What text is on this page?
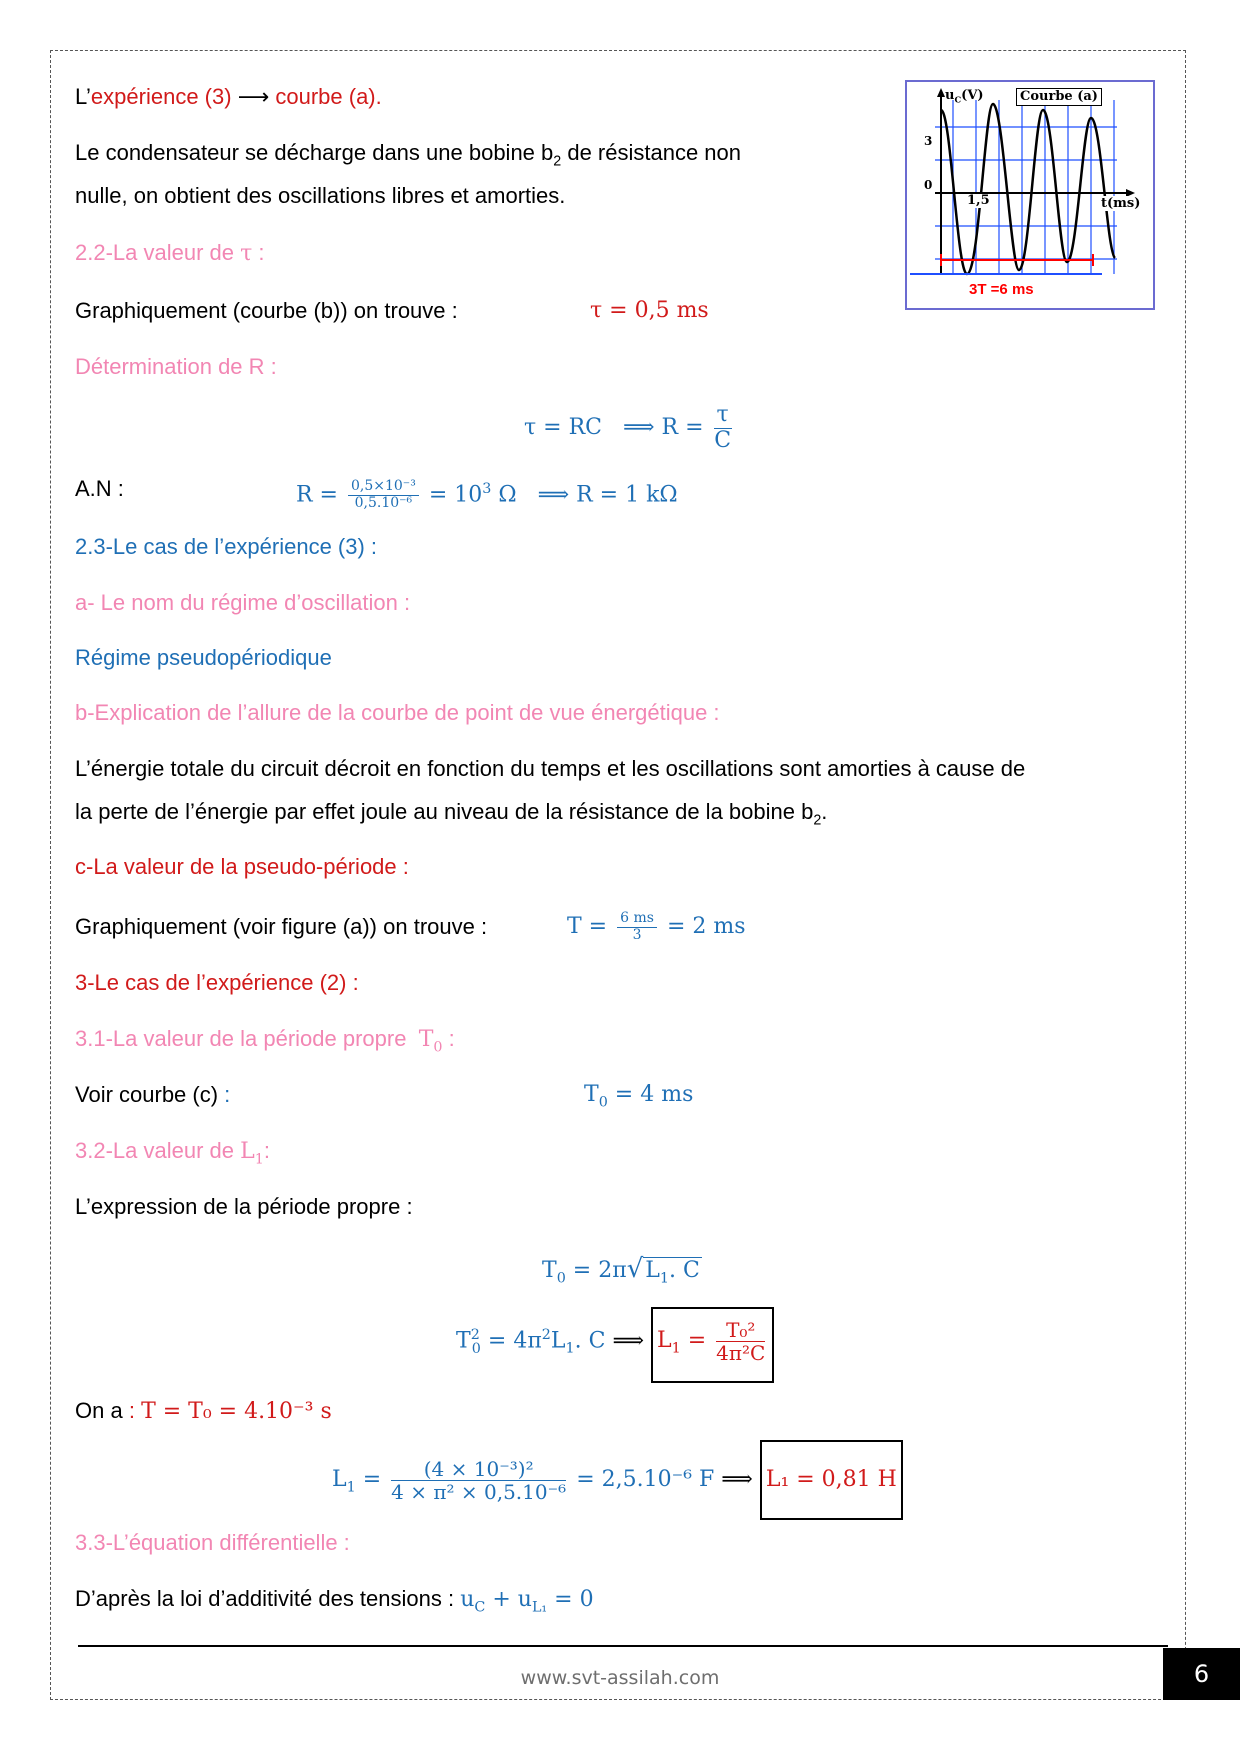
$u_C(V)$	Courbe (a)
3
0
1,5	t(ms)
3T =6 ms
L’expérience (3) ⟶ courbe (a).
Le condensateur se décharge dans une bobine $b_2$ de résistance non
nulle, on obtient des oscillations libres et amorties.
2.2-La valeur de τ :
Graphiquement (courbe (b)) on trouve :	τ = 0,5 ms
Détermination de R :
τ = RC ⟹ $R = \frac{\tau}{C}$
A.N :	$R = \frac{\text{0,5×10⁻³}}{\text{0,5.10⁻⁶}} = 10^3$ Ω ⟹ R = 1 kΩ
2.3-Le cas de l’expérience (3) :
a- Le nom du régime d’oscillation :
Régime pseudopériodique
b-Explication de l’allure de la courbe de point de vue énergétique :
L’énergie totale du circuit décroit en fonction du temps et les oscillations sont amorties à cause de
la perte de l’énergie par effet joule au niveau de la résistance de la bobine $b_2$.
c-La valeur de la pseudo-période :
Graphiquement (voir figure (a)) on trouve :	$T = \frac{6 ms}{3} = 2$ ms
3-Le cas de l’expérience (2) :
3.1-La valeur de la période propre $T_0$ :
Voir courbe (c) :	$T_0 = 4$ ms
3.2-La valeur de $L_1$:
L’expression de la période propre :
$T_0 = 2\pi√L_1$. C
$T^2_0 = 4\pi^2L_1$. C ⟹ $L_1 = \frac{\text{T₀²}}{\text{4π²C}}$
On a : T = T₀ = 4.10⁻³ s
$L_1 = \frac{\text{(4 × 10⁻³)²}}{\text{4 × π² × 0,5.10⁻⁶}} = 2,5.10^{-6}$ F ⟹ L₁ = 0,81 H
3.3-L’équation différentielle :
D’après la loi d’additivité des tensions : $u_C + u_{L_1} = 0$
www.svt-assilah.com	6
